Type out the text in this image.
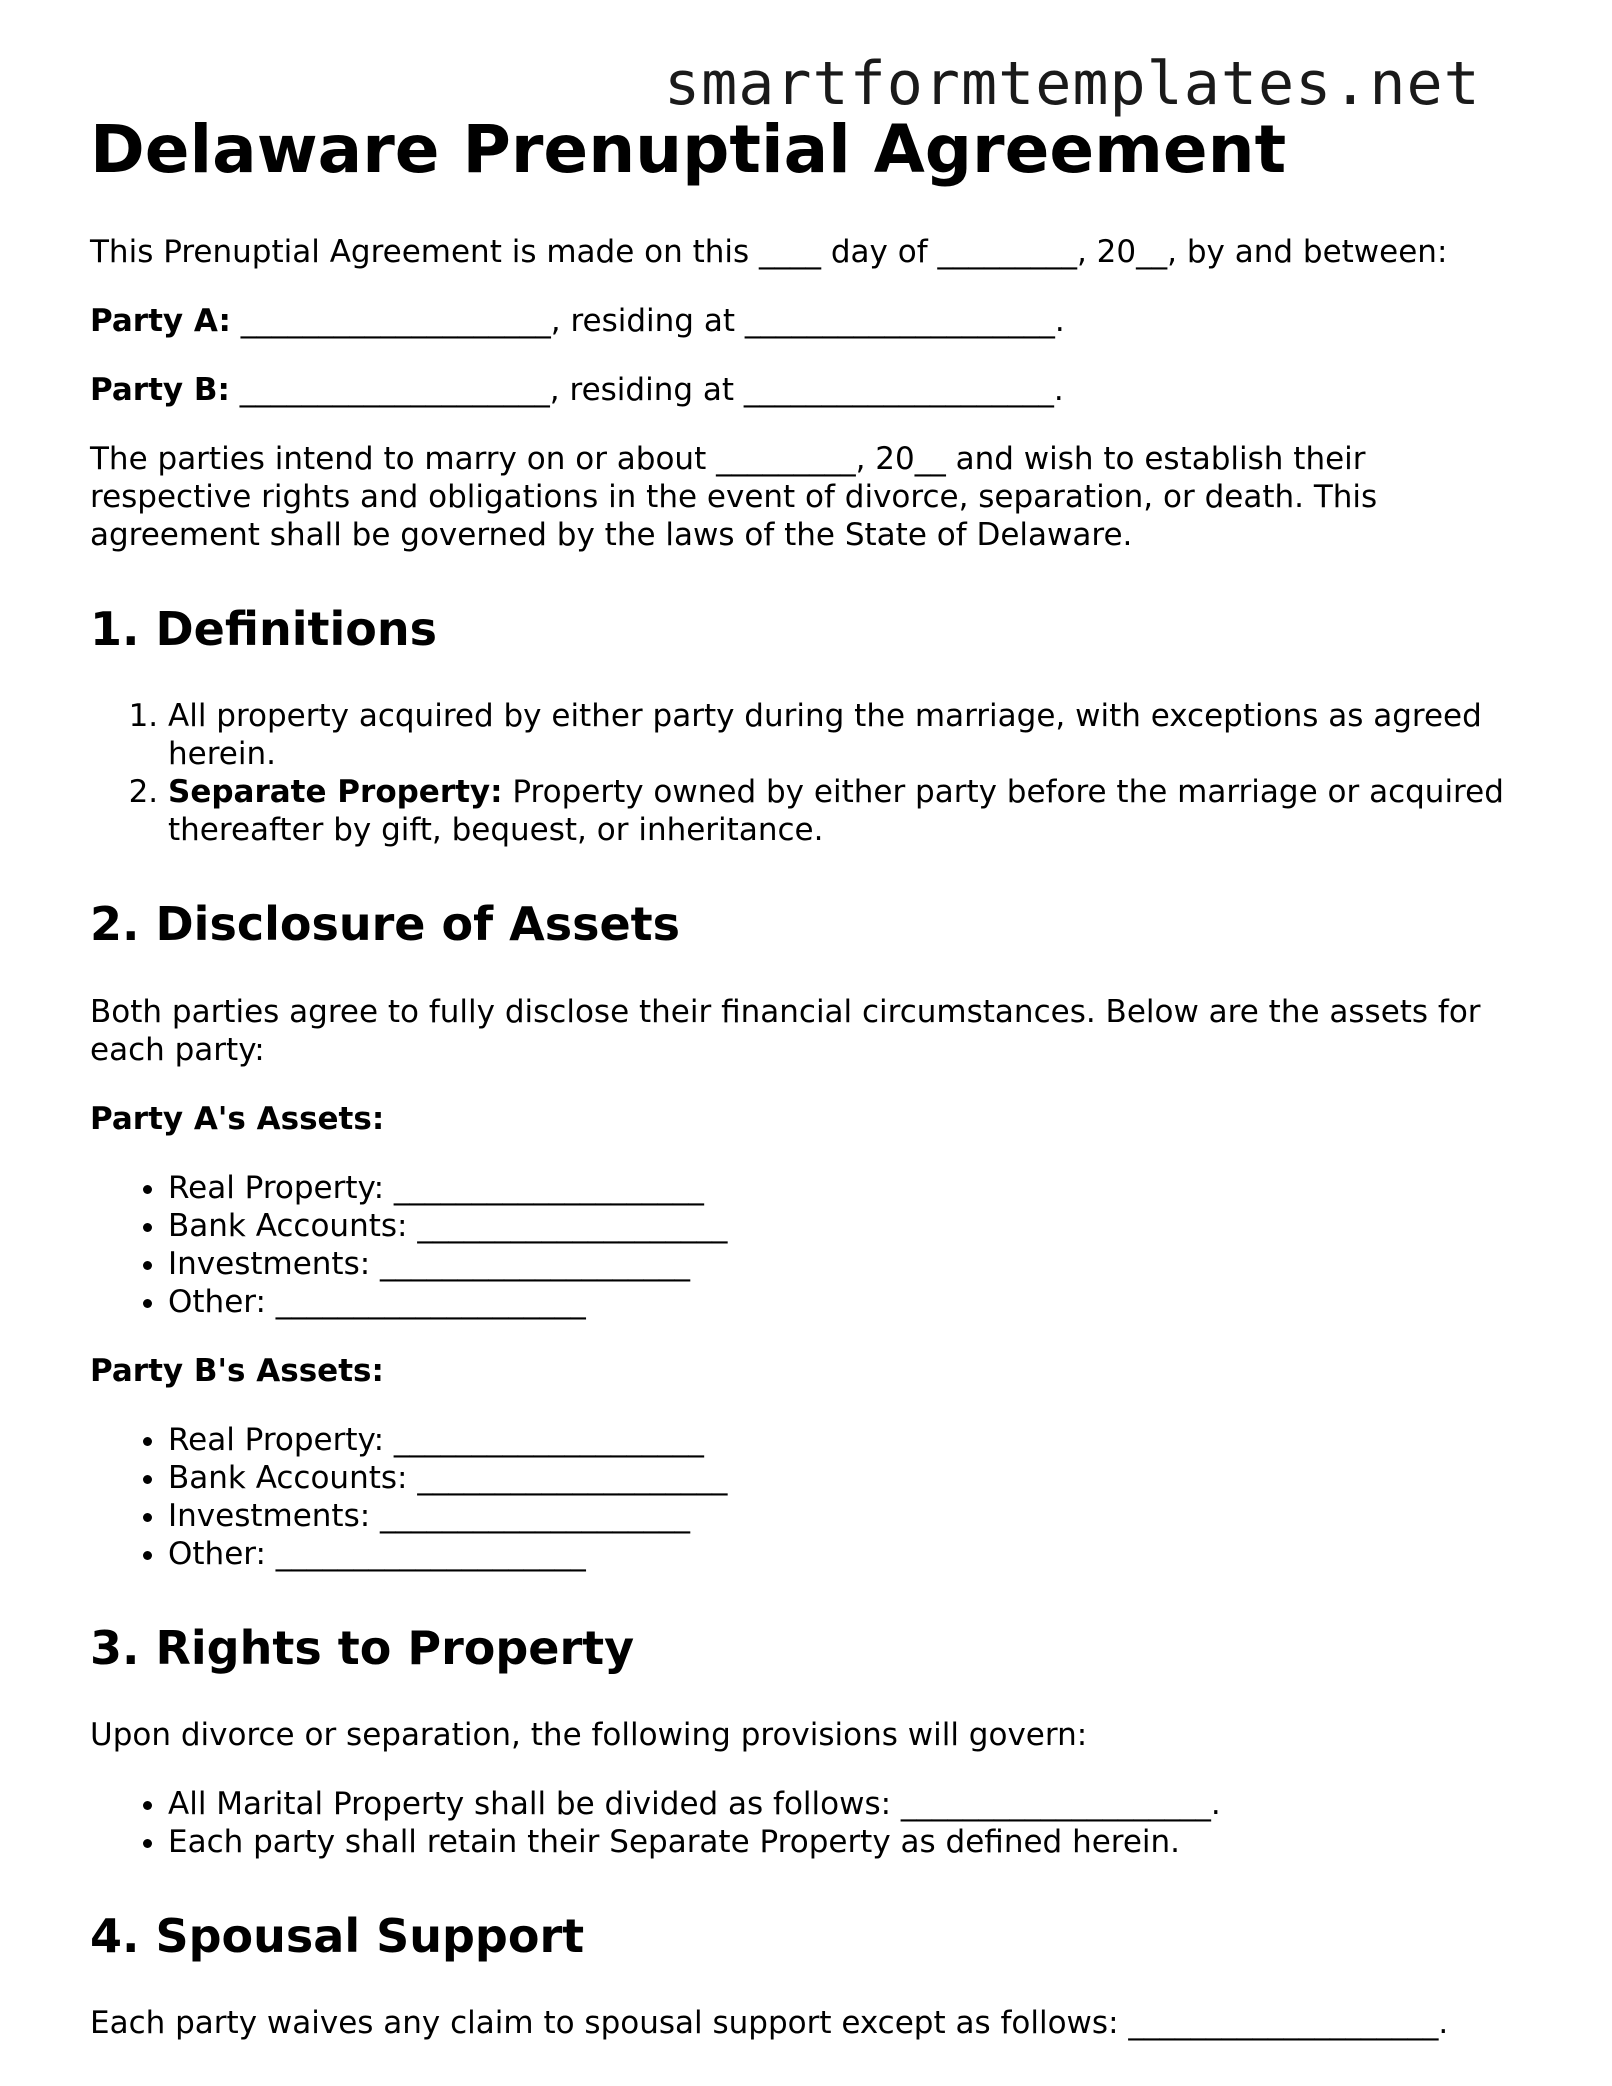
smartformtemplates.net
Delaware Prenuptial Agreement

This Prenuptial Agreement is made on this ____ day of _________, 20__, by and between:

Party A: ____________________, residing at ____________________.

Party B: ____________________, residing at ____________________.

The parties intend to marry on or about _________, 20__ and wish to establish their respective rights and obligations in the event of divorce, separation, or death. This agreement shall be governed by the laws of the State of Delaware.

1. Definitions
1. All property acquired by either party during the marriage, with exceptions as agreed herein.
2. Separate Property: Property owned by either party before the marriage or acquired thereafter by gift, bequest, or inheritance.
2. Disclosure of Assets

Both parties agree to fully disclose their financial circumstances. Below are the assets for each party:

Party A's Assets:

• Real Property: ____________________
• Bank Accounts: ____________________
• Investments: ____________________
• Other: ____________________

Party B's Assets:

• Real Property: ____________________
• Bank Accounts: ____________________
• Investments: ____________________
• Other: ____________________
3. Rights to Property

Upon divorce or separation, the following provisions will govern:

• All Marital Property shall be divided as follows: ____________________.
• Each party shall retain their Separate Property as defined herein.
4. Spousal Support

Each party waives any claim to spousal support except as follows: ____________________.
